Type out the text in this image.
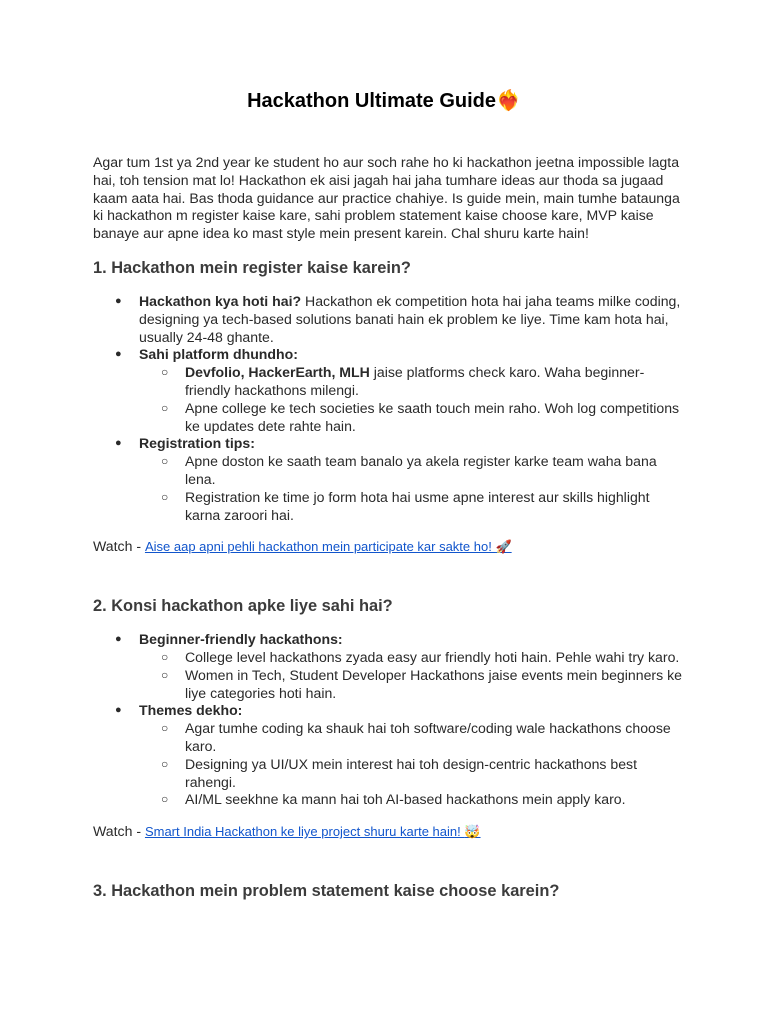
Hackathon Ultimate Guide❤️‍🔥

Agar tum 1st ya 2nd year ke student ho aur soch rahe ho ki hackathon jeetna impossible lagta hai, toh tension mat lo! Hackathon ek aisi jagah hai jaha tumhare ideas aur thoda sa jugaad kaam aata hai. Bas thoda guidance aur practice chahiye. Is guide mein, main tumhe bataunga ki hackathon m register kaise kare, sahi problem statement kaise choose kare, MVP kaise banaye aur apne idea ko mast style mein present karein. Chal shuru karte hain!

1. Hackathon mein register kaise karein?
● Hackathon kya hoti hai? Hackathon ek competition hota hai jaha teams milke coding, designing ya tech-based solutions banati hain ek problem ke liye. Time kam hota hai, usually 24-48 ghante.
● Sahi platform dhundho:
○ Devfolio, HackerEarth, MLH jaise platforms check karo. Waha beginner-friendly hackathons milengi.
○ Apne college ke tech societies ke saath touch mein raho. Woh log competitions ke updates dete rahte hain.
● Registration tips:
○ Apne doston ke saath team banalo ya akela register karke team waha bana lena.
○ Registration ke time jo form hota hai usme apne interest aur skills highlight karna zaroori hai.

Watch - Aise aap apni pehli hackathon mein participate kar sakte ho! 🚀

2. Konsi hackathon apke liye sahi hai?
● Beginner-friendly hackathons:
○ College level hackathons zyada easy aur friendly hoti hain. Pehle wahi try karo.
○ Women in Tech, Student Developer Hackathons jaise events mein beginners ke liye categories hoti hain.
● Themes dekho:
○ Agar tumhe coding ka shauk hai toh software/coding wale hackathons choose karo.
○ Designing ya UI/UX mein interest hai toh design-centric hackathons best rahengi.
○ AI/ML seekhne ka mann hai toh AI-based hackathons mein apply karo.

Watch - Smart India Hackathon ke liye project shuru karte hain! 🤯

3. Hackathon mein problem statement kaise choose karein?
